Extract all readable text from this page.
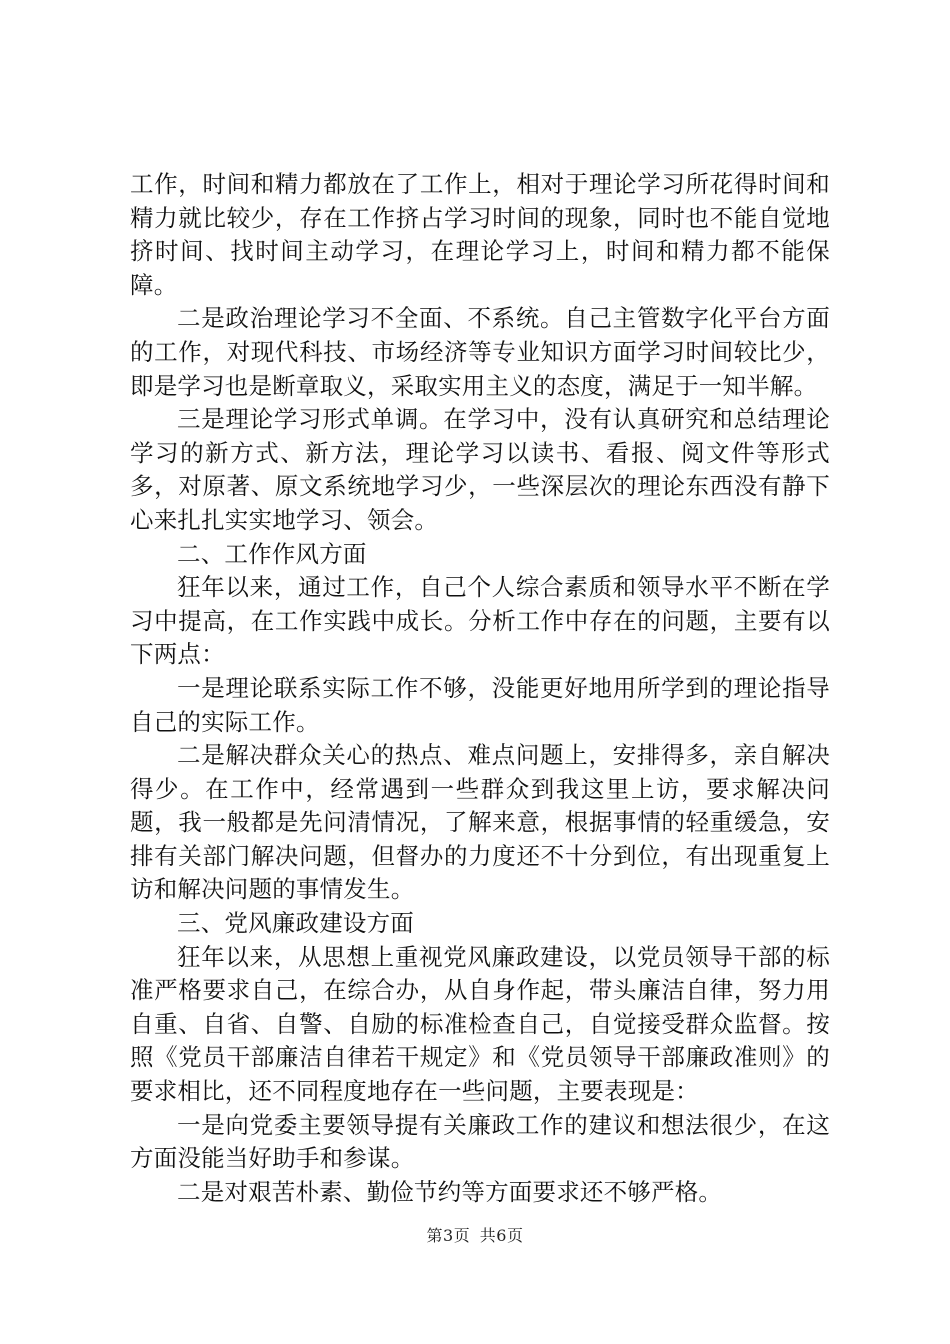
工作，时间和精力都放在了工作上，相对于理论学习所花得时间和精力就比较少，存在工作挤占学习时间的现象，同时也不能自觉地挤时间、找时间主动学习，在理论学习上，时间和精力都不能保障。

二是政治理论学习不全面、不系统。自己主管数字化平台方面的工作，对现代科技、市场经济等专业知识方面学习时间较比少，即是学习也是断章取义，采取实用主义的态度，满足于一知半解。

三是理论学习形式单调。在学习中，没有认真研究和总结理论学习的新方式、新方法，理论学习以读书、看报、阅文件等形式多，对原著、原文系统地学习少，一些深层次的理论东西没有静下心来扎扎实实地学习、领会。

二、工作作风方面

狂年以来，通过工作，自己个人综合素质和领导水平不断在学习中提高，在工作实践中成长。分析工作中存在的问题，主要有以下两点：

一是理论联系实际工作不够，没能更好地用所学到的理论指导自己的实际工作。

二是解决群众关心的热点、难点问题上，安排得多，亲自解决得少。在工作中，经常遇到一些群众到我这里上访，要求解决问题，我一般都是先问清情况，了解来意，根据事情的轻重缓急，安排有关部门解决问题，但督办的力度还不十分到位，有出现重复上访和解决问题的事情发生。

三、党风廉政建设方面

狂年以来，从思想上重视党风廉政建设，以党员领导干部的标准严格要求自己，在综合办，从自身作起，带头廉洁自律，努力用自重、自省、自警、自励的标准检查自己，自觉接受群众监督。按照《党员干部廉洁自律若干规定》和《党员领导干部廉政准则》的要求相比，还不同程度地存在一些问题，主要表现是：

一是向党委主要领导提有关廉政工作的建议和想法很少，在这方面没能当好助手和参谋。

二是对艰苦朴素、勤俭节约等方面要求还不够严格。

第3页 共6页
